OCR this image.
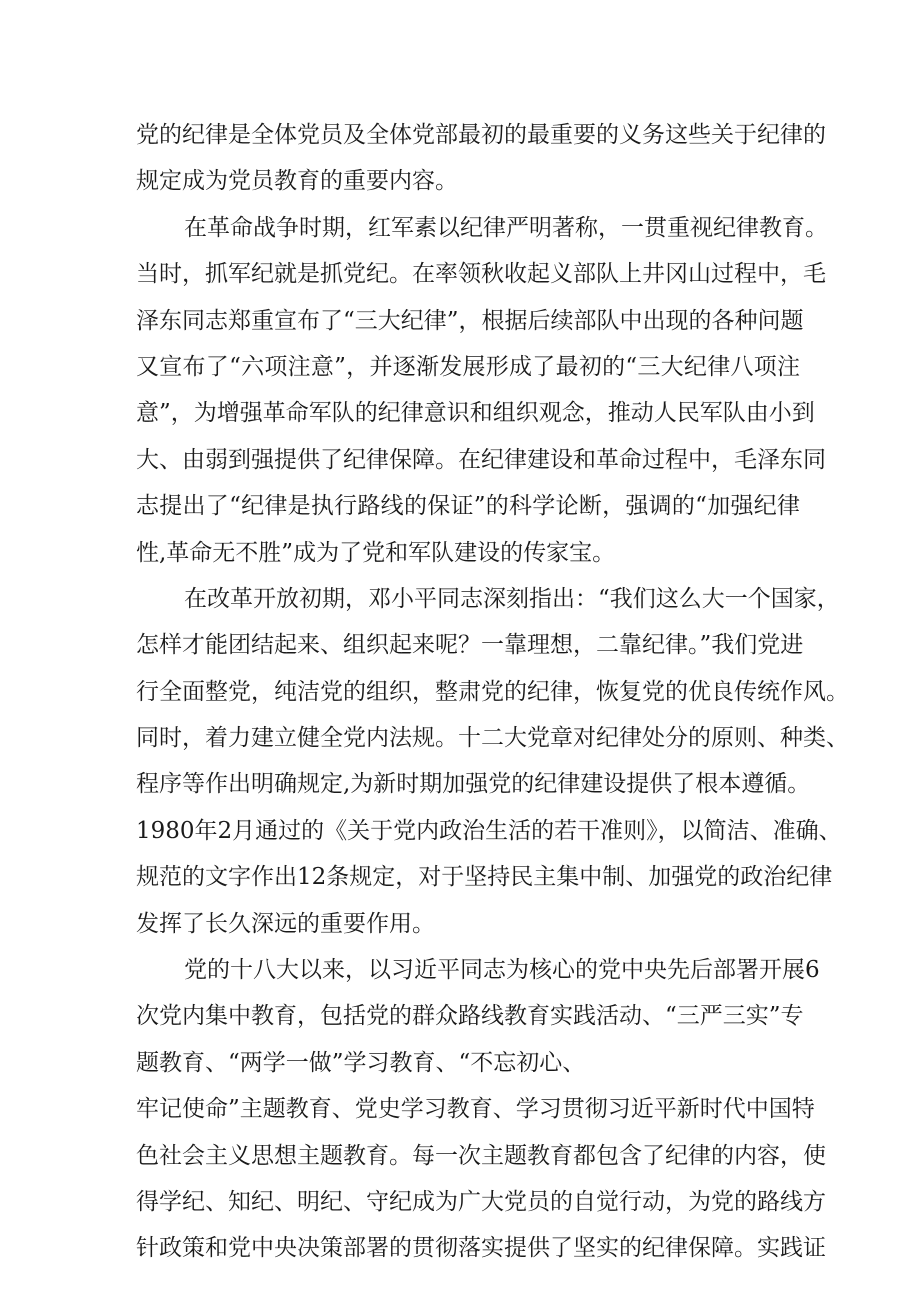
党的纪律是全体党员及全体党部最初的最重要的义务这些关于纪律的
规定成为党员教育的重要内容。
在革命战争时期，红军素以纪律严明著称，一贯重视纪律教育。
当时，抓军纪就是抓党纪。在率领秋收起义部队上井冈山过程中，毛
泽东同志郑重宣布了“三大纪律”，根据后续部队中出现的各种问题
又宣布了“六项注意”，并逐渐发展形成了最初的“三大纪律八项注
意”，为增强革命军队的纪律意识和组织观念，推动人民军队由小到
大、由弱到强提供了纪律保障。在纪律建设和革命过程中，毛泽东同
志提出了“纪律是执行路线的保证”的科学论断，强调的“加强纪律
性,革命无不胜”成为了党和军队建设的传家宝。
在改革开放初期，邓小平同志深刻指出：“我们这么大一个国家，
怎样才能团结起来、组织起来呢？一靠理想，二靠纪律。”我们党进
行全面整党，纯洁党的组织，整肃党的纪律，恢复党的优良传统作风。
同时，着力建立健全党内法规。十二大党章对纪律处分的原则、种类、
程序等作出明确规定,为新时期加强党的纪律建设提供了根本遵循。
1980年2月通过的《关于党内政治生活的若干准则》，以简洁、准确、
规范的文字作出12条规定，对于坚持民主集中制、加强党的政治纪律
发挥了长久深远的重要作用。
党的十八大以来，以习近平同志为核心的党中央先后部署开展6
次党内集中教育，包括党的群众路线教育实践活动、“三严三实”专
题教育、“两学一做”学习教育、“不忘初心、
牢记使命”主题教育、党史学习教育、学习贯彻习近平新时代中国特
色社会主义思想主题教育。每一次主题教育都包含了纪律的内容，使
得学纪、知纪、明纪、守纪成为广大党员的自觉行动，为党的路线方
针政策和党中央决策部署的贯彻落实提供了坚实的纪律保障。实践证
